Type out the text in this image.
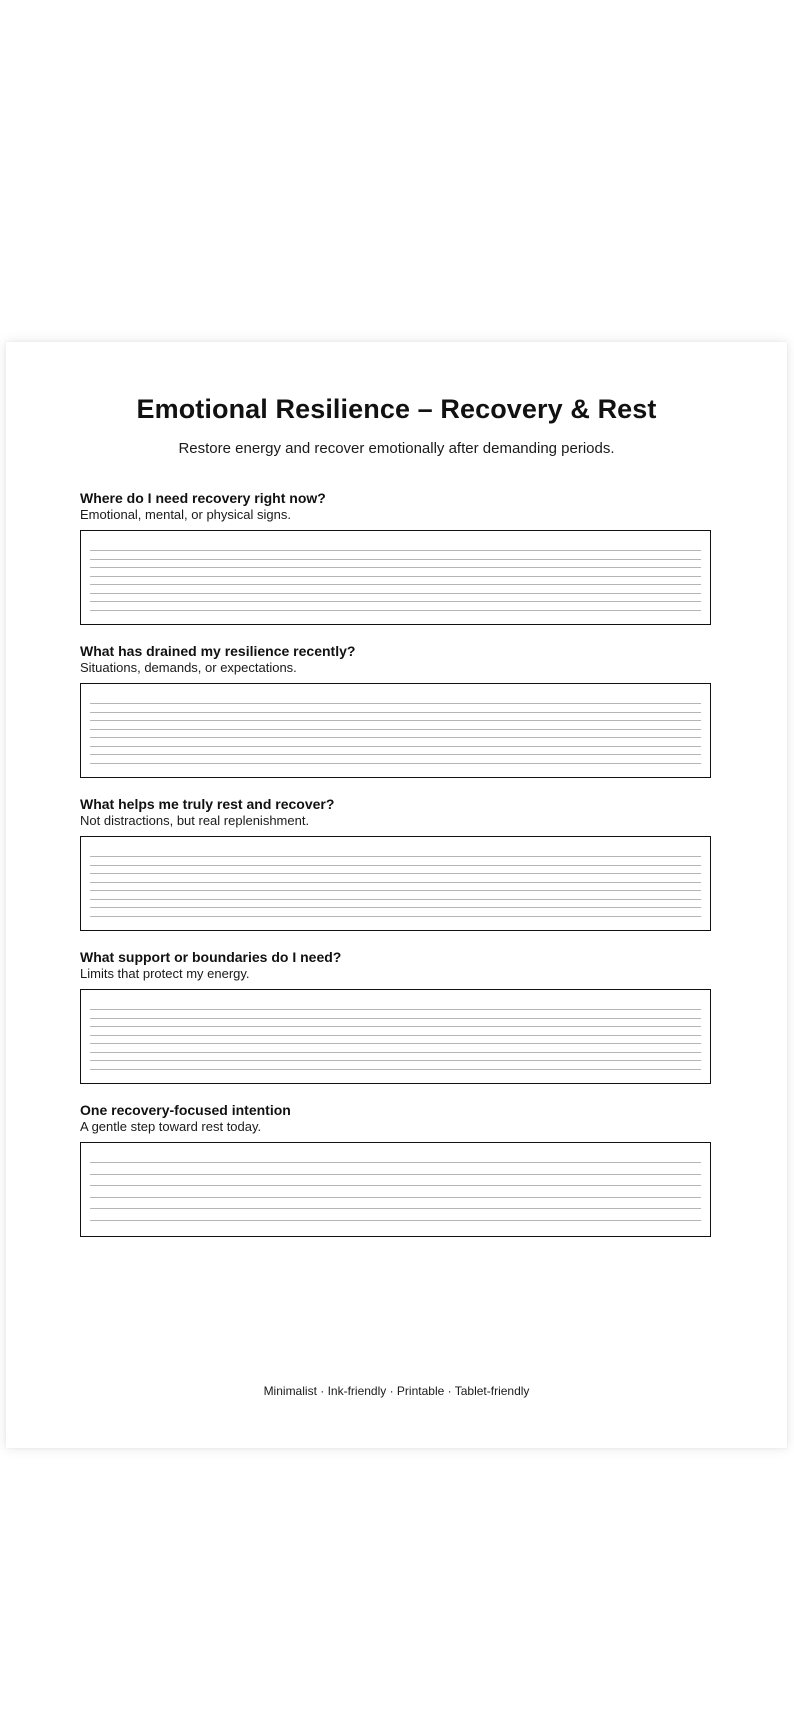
Emotional Resilience – Recovery & Rest

Restore energy and recover emotionally after demanding periods.

Where do I need recovery right now?

Emotional, mental, or physical signs.

What has drained my resilience recently?

Situations, demands, or expectations.

What helps me truly rest and recover?

Not distractions, but real replenishment.

What support or boundaries do I need?

Limits that protect my energy.

One recovery-focused intention

A gentle step toward rest today.

Minimalist · Ink-friendly · Printable · Tablet-friendly
